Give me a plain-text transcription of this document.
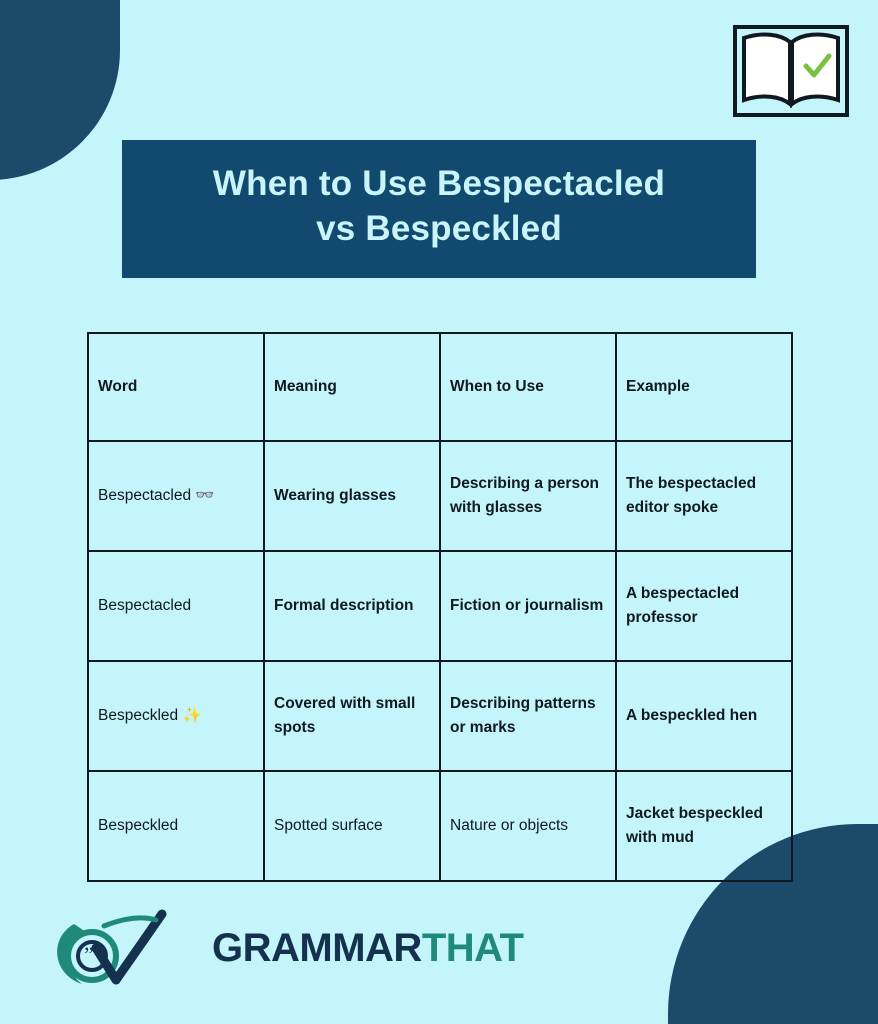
When to Use Bespectacled
vs Bespeckled
Word	Meaning	When to Use	Example
Bespectacled 👓	Wearing glasses	Describing a person with glasses	The bespectacled editor spoke
Bespectacled	Formal description	Fiction or journalism	A bespectacled professor
Bespeckled ✨	Covered with small spots	Describing patterns or marks	A bespeckled hen
Bespeckled	Spotted surface	Nature or objects	Jacket bespeckled with mud
”	GRAMMARTHAT
